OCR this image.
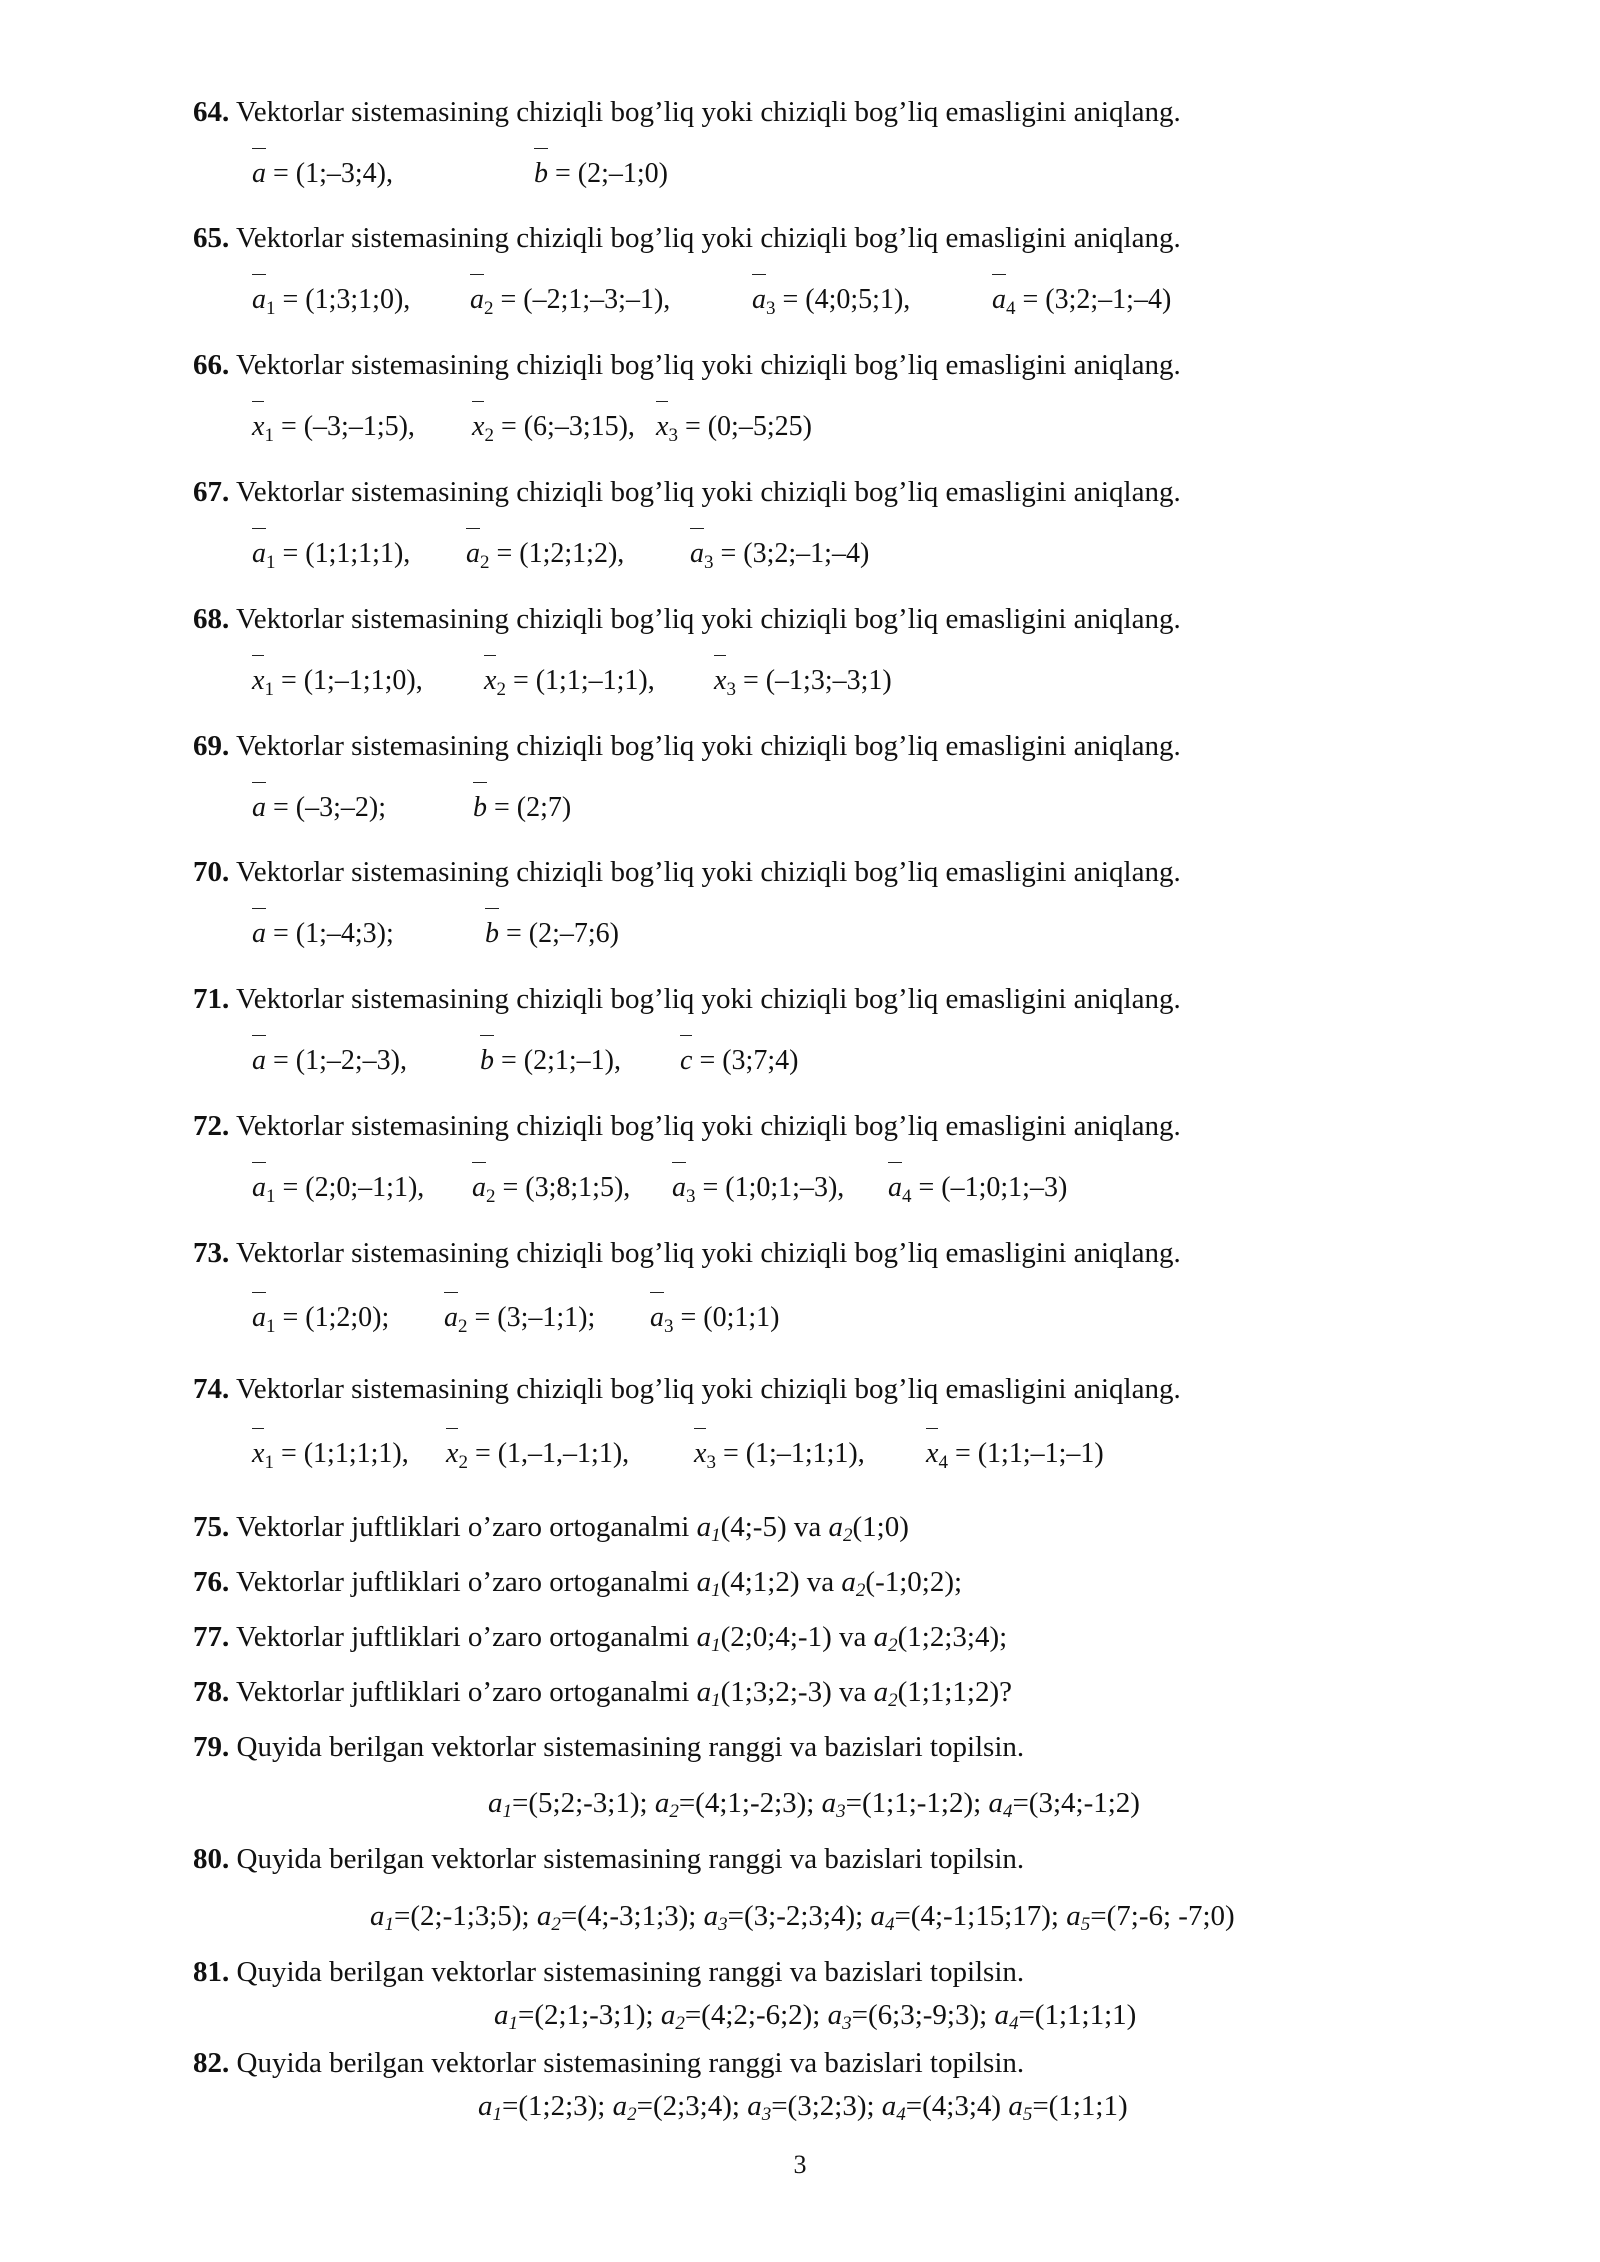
64. Vektorlar sistemasining chiziqli bog’liq yoki chiziqli bog’liq emasligini aniqlang.
a = (1;–3;4),	b = (2;–1;0)
65. Vektorlar sistemasining chiziqli bog’liq yoki chiziqli bog’liq emasligini aniqlang.
$a_1$ = (1;3;1;0), $a_2$ = (–2;1;–3;–1),	$a_3$ = (4;0;5;1),	$a_4$ = (3;2;–1;–4)
66. Vektorlar sistemasining chiziqli bog’liq yoki chiziqli bog’liq emasligini aniqlang.
$x_1$ = (–3;–1;5), $x_2$ = (6;–3;15), $x_3$ = (0;–5;25)
67. Vektorlar sistemasining chiziqli bog’liq yoki chiziqli bog’liq emasligini aniqlang.
$a_1$ = (1;1;1;1), $a_2$ = (1;2;1;2), $a_3$ = (3;2;–1;–4)
68. Vektorlar sistemasining chiziqli bog’liq yoki chiziqli bog’liq emasligini aniqlang.
$x_1$ = (1;–1;1;0), $x_2$ = (1;1;–1;1), $x_3$ = (–1;3;–3;1)
69. Vektorlar sistemasining chiziqli bog’liq yoki chiziqli bog’liq emasligini aniqlang.
a = (–3;–2);	b = (2;7)
70. Vektorlar sistemasining chiziqli bog’liq yoki chiziqli bog’liq emasligini aniqlang.
a = (1;–4;3);	b = (2;–7;6)
71. Vektorlar sistemasining chiziqli bog’liq yoki chiziqli bog’liq emasligini aniqlang.
a = (1;–2;–3),	b = (2;1;–1), c = (3;7;4)
72. Vektorlar sistemasining chiziqli bog’liq yoki chiziqli bog’liq emasligini aniqlang.
$a_1$ = (2;0;–1;1), $a_2$ = (3;8;1;5), $a_3$ = (1;0;1;–3), $a_4$ = (–1;0;1;–3)
73. Vektorlar sistemasining chiziqli bog’liq yoki chiziqli bog’liq emasligini aniqlang.
$a_1$ = (1;2;0); $a_2$ = (3;–1;1); $a_3$ = (0;1;1)
74. Vektorlar sistemasining chiziqli bog’liq yoki chiziqli bog’liq emasligini aniqlang.
$x_1$ = (1;1;1;1), $x_2$ = (1,–1,–1;1), $x_3$ = (1;–1;1;1), $x_4$ = (1;1;–1;–1)
75. Vektorlar juftliklari o’zaro ortoganalmi a1(4;-5) va a2(1;0)
76. Vektorlar juftliklari o’zaro ortoganalmi a1(4;1;2) va a2(-1;0;2);
77. Vektorlar juftliklari o’zaro ortoganalmi a1(2;0;4;-1) va a2(1;2;3;4);
78. Vektorlar juftliklari o’zaro ortoganalmi a1(1;3;2;-3) va a2(1;1;1;2)?
79. Quyida berilgan vektorlar sistemasining ranggi va bazislari topilsin.
a1=(5;2;-3;1); a2=(4;1;-2;3); a3=(1;1;-1;2); a4=(3;4;-1;2)
80. Quyida berilgan vektorlar sistemasining ranggi va bazislari topilsin.
a1=(2;-1;3;5); a2=(4;-3;1;3); a3=(3;-2;3;4); a4=(4;-1;15;17); a5=(7;-6; -7;0)
81. Quyida berilgan vektorlar sistemasining ranggi va bazislari topilsin.
a1=(2;1;-3;1); a2=(4;2;-6;2); a3=(6;3;-9;3); a4=(1;1;1;1)
82. Quyida berilgan vektorlar sistemasining ranggi va bazislari topilsin.
a1=(1;2;3); a2=(2;3;4); a3=(3;2;3); a4=(4;3;4) a5=(1;1;1)
3
